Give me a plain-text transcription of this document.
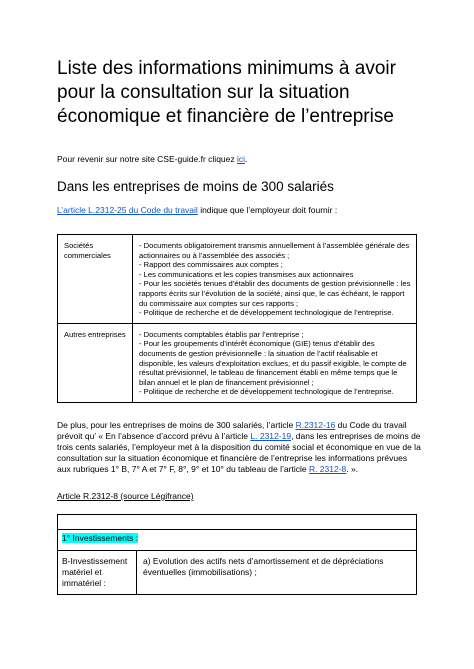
Liste des informations minimums à avoir pour la consultation sur la situation économique et financière de l’entreprise
Pour revenir sur notre site CSE-guide.fr cliquez ici.
Dans les entreprises de moins de 300 salariés
L’article L.2312-25 du Code du travail indique que l’employeur doit fournir :
Sociétés commerciales	- Documents obligatoirement transmis annuellement à l’assemblée générale des actionnaires ou à l’assemblée des associés ;
- Rapport des commissaires aux comptes ;
- Les communications et les copies transmises aux actionnaires
- Pour les sociétés tenues d’établir des documents de gestion prévisionnelle : les rapports écrits sur l’évolution de la société, ainsi que, le cas échéant, le rapport du commissaire aux comptes sur ces rapports ;
- Politique de recherche et de développement technologique de l’entreprise.

Autres entreprises	- Documents comptables établis par l’entreprise ;
- Pour les groupements d’intérêt économique (GIE) tenus d’établir des documents de gestion prévisionnelle : la situation de l’actif réalisable et disponible, les valeurs d’exploitation exclues, et du passif exigible, le compte de résultat prévisionnel, le tableau de financement établi en même temps que le bilan annuel et le plan de financement prévisionnel ;
- Politique de recherche et de développement technologique de l’entreprise.
De plus, pour les entreprises de moins de 300 salariés, l’article R.2312-16 du Code du travail prévoit qu’ « En l’absence d’accord prévu à l’article L. 2312-19, dans les entreprises de moins de trois cents salariés, l’employeur met à la disposition du comité social et économique en vue de la consultation sur la situation économique et financière de l’entreprise les informations prévues aux rubriques 1° B, 7° A et 7° F, 8°, 9° et 10° du tableau de l’article R. 2312-8. ».
Article R.2312-8 (source Légifrance)

1° Investissements :
B-Investissement matériel et immatériel :	a) Evolution des actifs nets d’amortissement et de dépréciations éventuelles (immobilisations) ;
